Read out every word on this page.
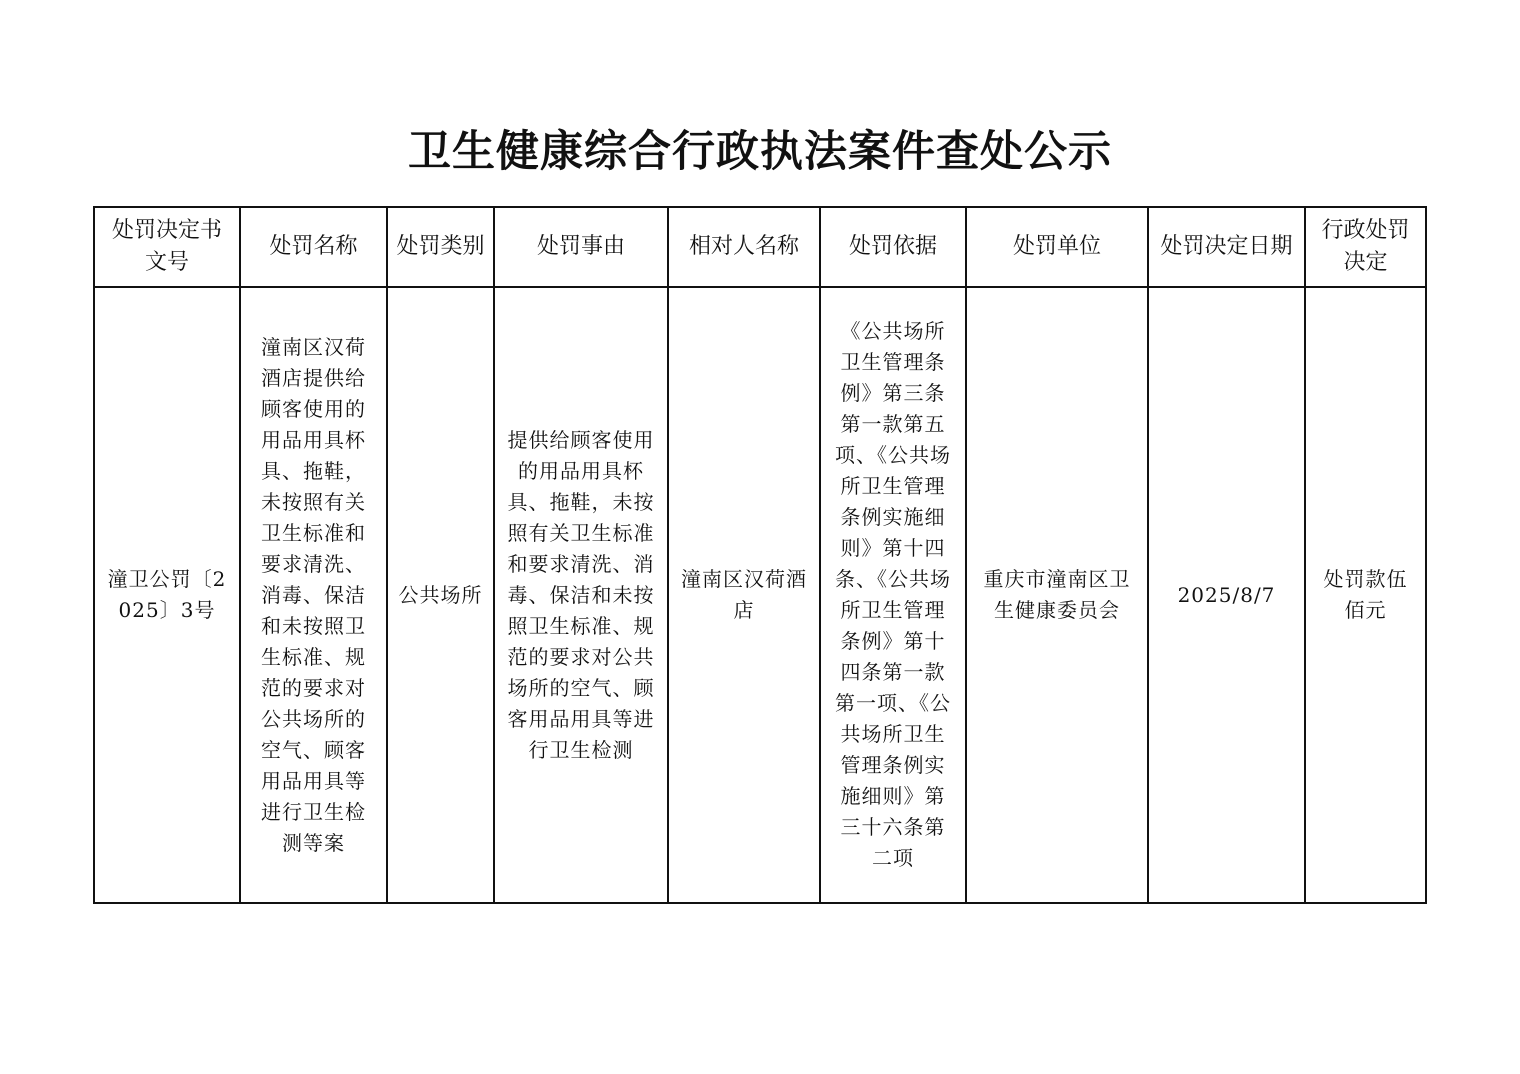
卫生健康综合行政执法案件查处公示
处罚决定书文号	处罚名称	处罚类别	处罚事由	相对人名称	处罚依据	处罚单位	处罚决定日期	行政处罚决定
潼卫公罚〔2025〕3号	潼南区汉荷酒店提供给顾客使用的用品用具杯具、拖鞋，未按照有关卫生标准和要求清洗、消毒、保洁和未按照卫生标准、规范的要求对公共场所的空气、顾客用品用具等进行卫生检测等案	公共场所	提供给顾客使用的用品用具杯具、拖鞋，未按照有关卫生标准和要求清洗、消毒、保洁和未按照卫生标准、规范的要求对公共场所的空气、顾客用品用具等进行卫生检测	潼南区汉荷酒店	《公共场所卫生管理条例》第三条第一款第五项、《公共场所卫生管理条例实施细则》第十四条、《公共场所卫生管理条例》第十四条第一款第一项、《公共场所卫生管理条例实施细则》第三十六条第二项	重庆市潼南区卫生健康委员会	2025/8/7	处罚款伍佰元
